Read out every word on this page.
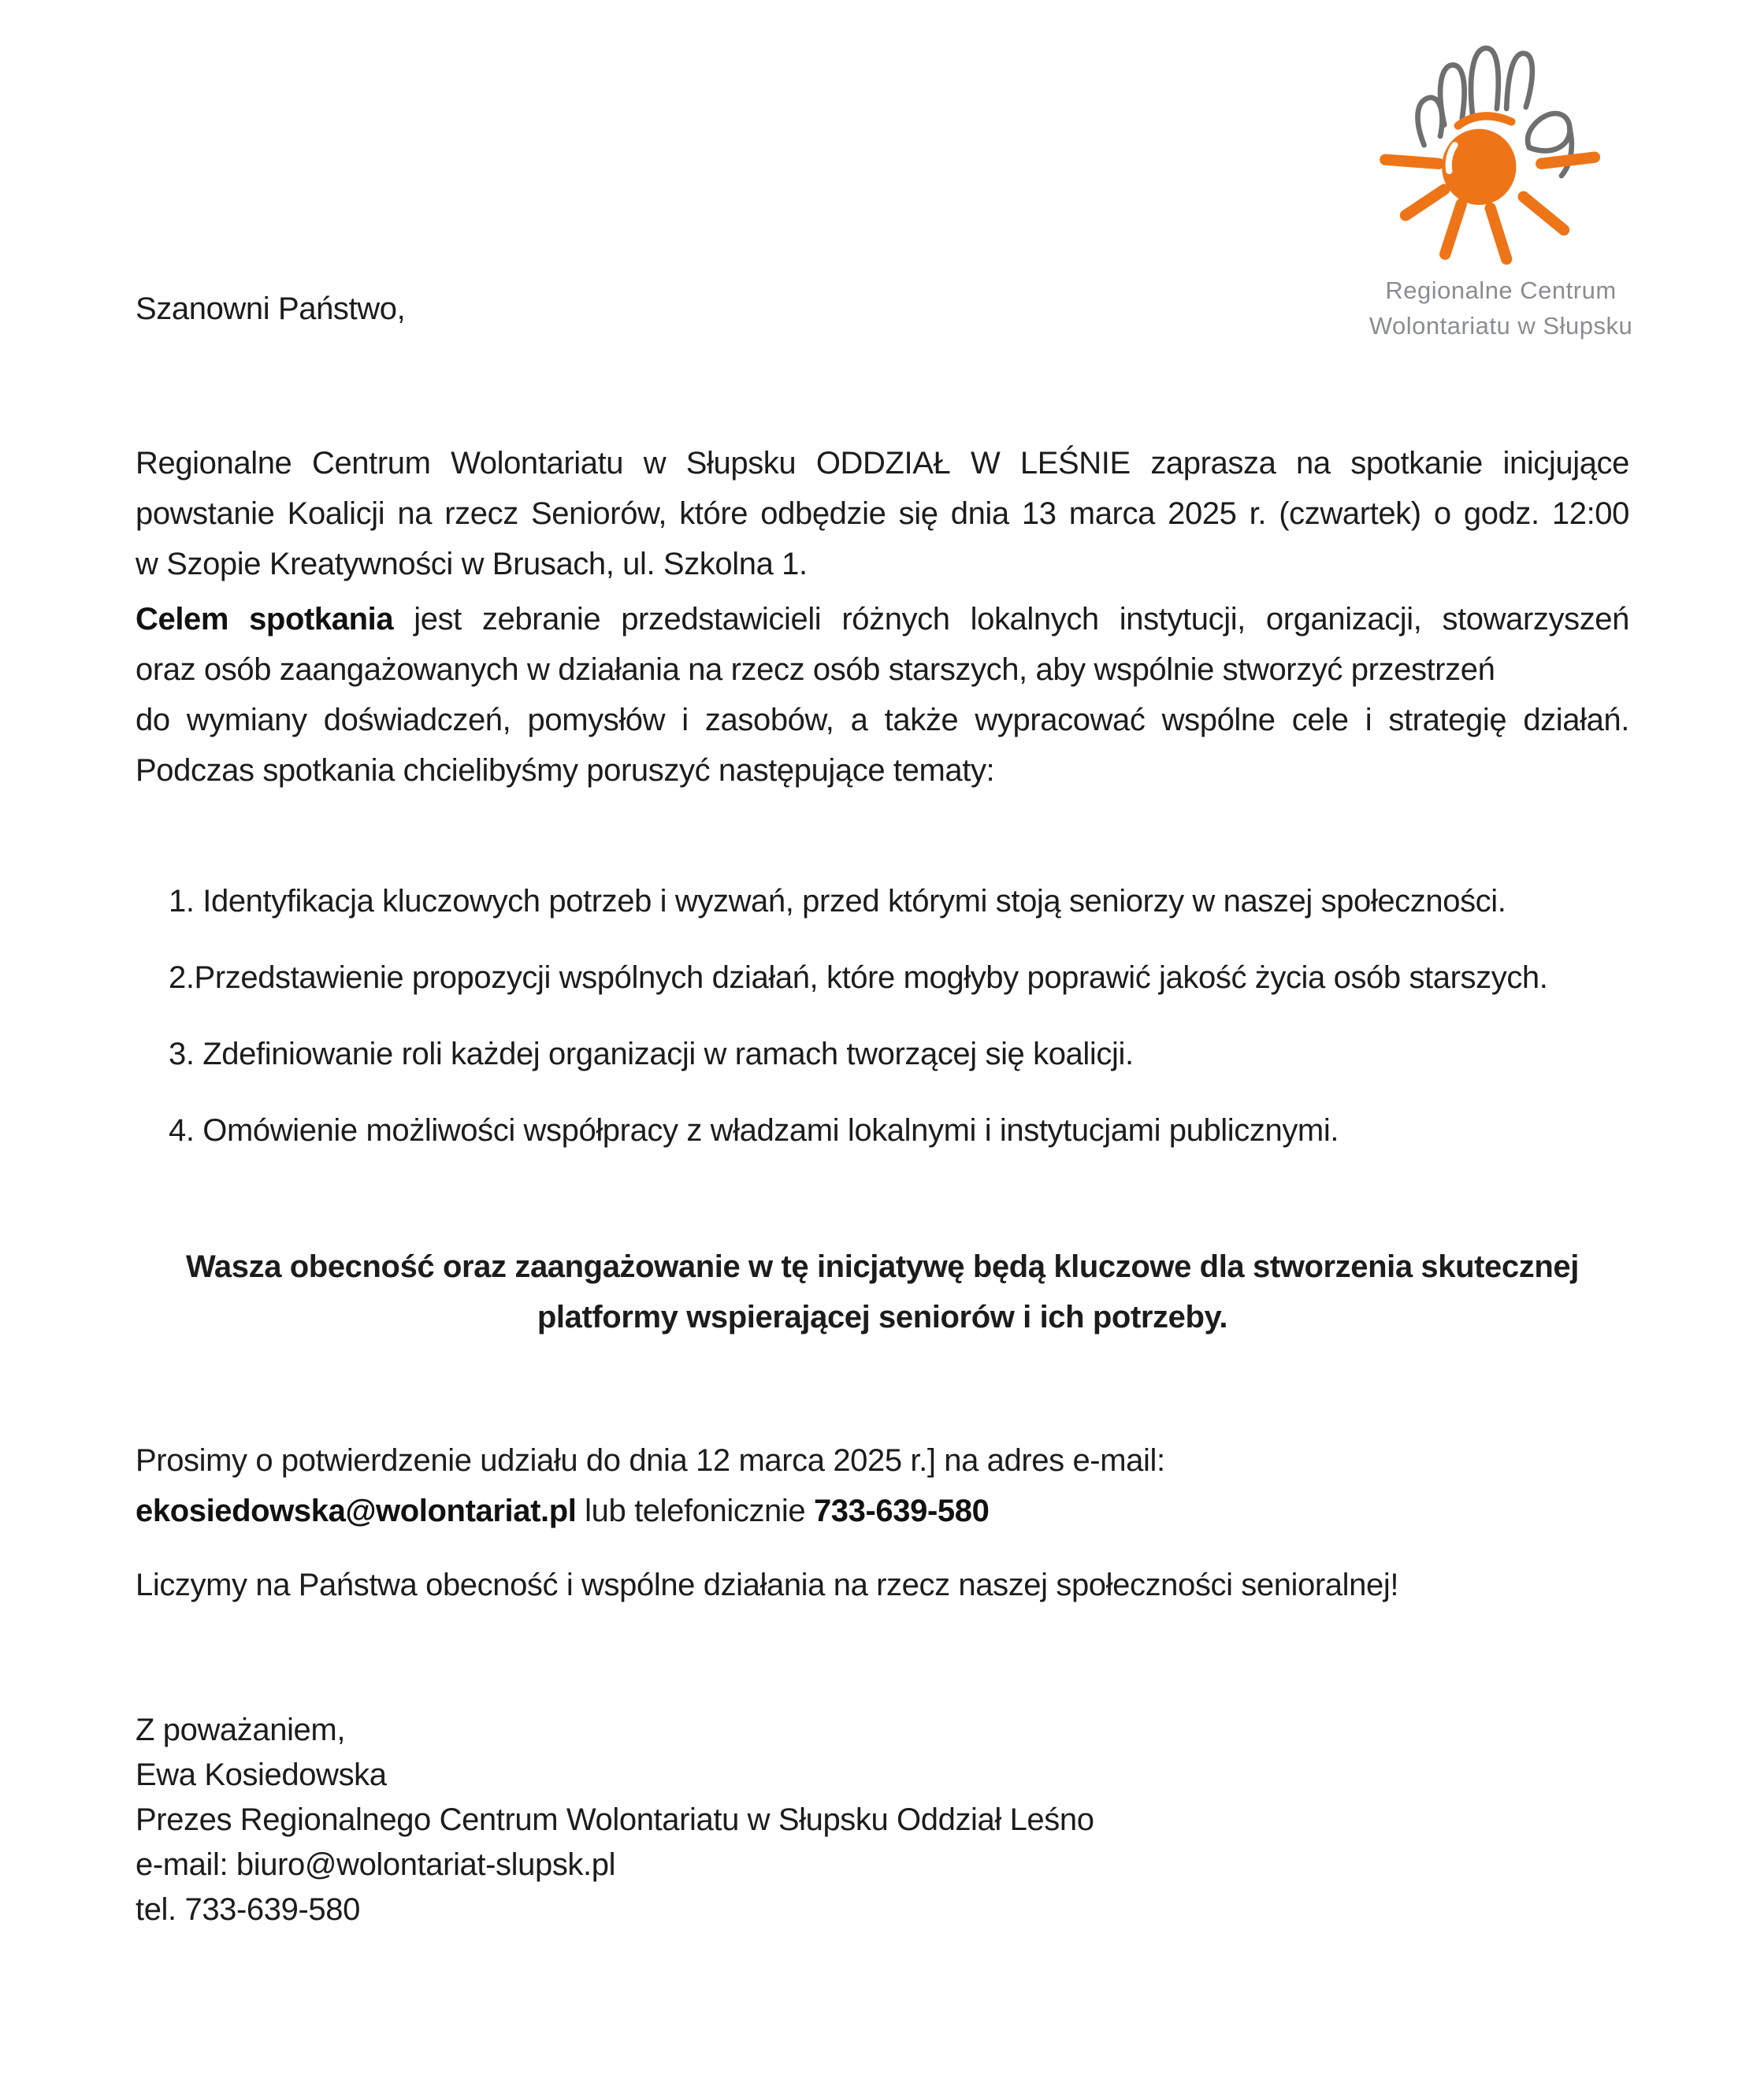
Regionalne Centrum
Wolontariatu w Słupsku
Szanowni Państwo,
Regionalne Centrum Wolontariatu w Słupsku ODDZIAŁ W LEŚNIE zaprasza na spotkanie inicjujące
powstanie Koalicji na rzecz Seniorów, które odbędzie się dnia 13 marca 2025 r. (czwartek) o godz. 12:00
w Szopie Kreatywności w Brusach, ul. Szkolna 1.
Celem spotkania jest zebranie przedstawicieli różnych lokalnych instytucji, organizacji, stowarzyszeń
oraz osób zaangażowanych w działania na rzecz osób starszych, aby wspólnie stworzyć przestrzeń
do wymiany doświadczeń, pomysłów i zasobów, a także wypracować wspólne cele i strategię działań.
Podczas spotkania chcielibyśmy poruszyć następujące tematy:
1. Identyfikacja kluczowych potrzeb i wyzwań, przed którymi stoją seniorzy w naszej społeczności.
2.Przedstawienie propozycji wspólnych działań, które mogłyby poprawić jakość życia osób starszych.
3. Zdefiniowanie roli każdej organizacji w ramach tworzącej się koalicji.
4. Omówienie możliwości współpracy z władzami lokalnymi i instytucjami publicznymi.
Wasza obecność oraz zaangażowanie w tę inicjatywę będą kluczowe dla stworzenia skutecznej
platformy wspierającej seniorów i ich potrzeby.
Prosimy o potwierdzenie udziału do dnia 12 marca 2025 r.] na adres e-mail:
ekosiedowska@wolontariat.pl lub telefonicznie 733-639-580
Liczymy na Państwa obecność i wspólne działania na rzecz naszej społeczności senioralnej!
Z poważaniem,
Ewa Kosiedowska
Prezes Regionalnego Centrum Wolontariatu w Słupsku Oddział Leśno
e-mail: biuro@wolontariat-slupsk.pl
tel. 733-639-580
